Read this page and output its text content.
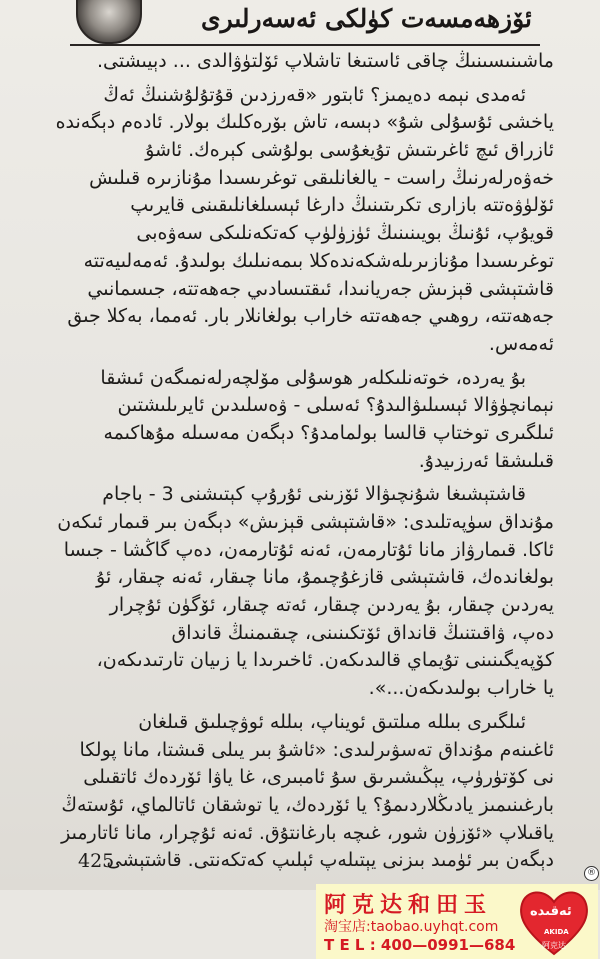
ئۆزھەمسەت كۈلكى ئەسەرلىرى
ماشىنىسىنىڭ چاقى ئاستىغا تاشلاپ ئۆلتۈۋالدى ... دېيىشتى.
ئەمدى نېمە دەيمىز؟ ئابتور «قەرزدىن قۇتۇلۇشنىڭ ئەڭ
ياخشى ئۇسۇلى شۇ» دېسە، تاش بۆرەكلىك بولار. ئادەم دېگەندە
ئازراق ئىچ ئاغرىتىش تۇيغۇسى بولۇشى كېرەك. ئاشۇ
خەۋەرلەرنىڭ راست - يالغانلىقى توغرىسىدا مۇنازىرە قىلىش
ئۆلۈۋەتتە بازارى تكرىتىنىڭ دارغا ئېسىلغانلىقىنى قايرىپ
قويۇپ، ئۇنىڭ بويىنىنىڭ ئۈزۈلۈپ كەتكەنلىكى سەۋەبى
توغرىسىدا مۇنازىرىلەشكەندەكلا بىمەنىلىك بولىدۇ. ئەمەلىيەتتە
قاشتېشى قېزىش جەريانىدا، ئىقتىسادىي جەھەتتە، جىسمانىي
جەھەتتە، روھىي جەھەتتە خاراب بولغانلار بار. ئەمما، بەكلا جىق
ئەمەس.
بۇ يەردە، خوتەنلىكلەر ھوسۇلى مۆلچەرلەنمىگەن ئىشقا
نېمانچۈۋالا ئېسىلىۋالىدۇ؟ ئەسلى - ۋەسلىدىن ئايرىلىشتىن
ئىلگىرى توختاپ قالسا بولمامدۇ؟ دېگەن مەسىلە مۇھاكىمە
قىلىشقا ئەرزىيدۇ.
قاشتېشىغا شۇنچىۋالا ئۆزىنى ئۇرۇپ كېتىشنى 3 - باجام
مۇنداق سۈپەتلىدى: «قاشتېشى قېزىش» دېگەن بىر قىمار ئىكەن
ئاكا. قىمارۋاز مانا ئۇتارمەن، ئەنە ئۇتارمەن، دەپ گاڭشا - جىسا
بولغاندەك، قاشتېشى قازغۇچىمۇ، مانا چىقار، ئەنە چىقار، ئۇ
يەردىن چىقار، بۇ يەردىن چىقار، ئەتە چىقار، ئۆگۈن ئۇچرار
دەپ، ۋاقىتنىڭ قانداق ئۆتكىنىنى، چىقىمنىڭ قانداق
كۆپەيگىنىنى تۇيماي قالىدىكەن. ئاخىرىدا يا زىيان تارتىدىكەن،
يا خاراب بولىدىكەن...».
ئىلگىرى بىللە مىلتىق ئويناپ، بىللە ئوۋچىلىق قىلغان
ئاغىنەم مۇنداق تەسۋىرلىدى: «ئاشۇ بىر يىلى قىشتا، مانا پولكا
نى كۆتۈرۈپ، يېڭىشىرىق سۇ ئامبىرى، غا ياۋا ئۆردەك ئاتقىلى
بارغىنىمىز يادىڭلاردىمۇ؟ يا ئۆردەك، يا توشقان ئاتالماي، ئۇستەڭ
ياقىلاپ «ئۆزۈن شور، غىچە بارغانتۇق. ئەنە ئۇچرار، مانا ئاتارمىز
دېگەن بىر ئۈمىد بىزنى يېتىلەپ ئېلىپ كەتكەنتى. قاشتېشى
425
阿克达和田玉
淘宝店:taobao.uyhqt.com
T E L : 400—0991—684
ئەقىدە
AKIDA
阿克达
®
